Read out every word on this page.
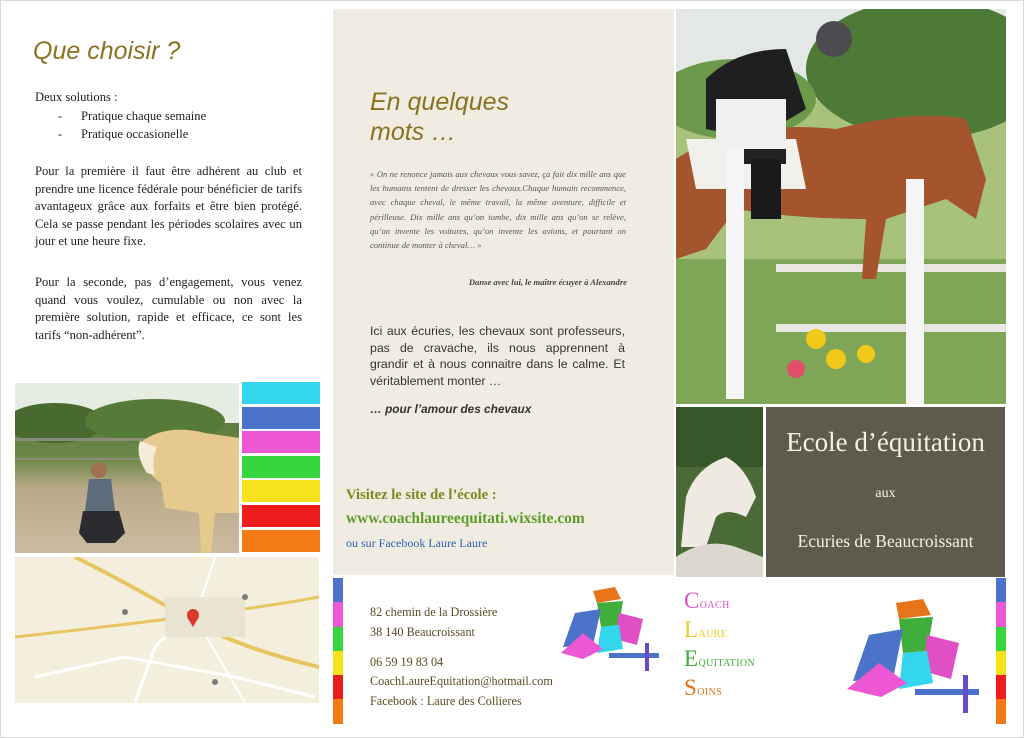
Que choisir ?
Deux solutions :
- Pratique chaque semaine
- Pratique occasionelle
Pour la première il faut être adhérent au club et prendre une licence fédérale pour bénéficier de tarifs avantageux grâce aux forfaits et être bien protégé. Cela se passe pendant les périodes scolaires avec un jour et une heure fixe.
Pour la seconde, pas d’engagement, vous venez quand vous voulez, cumulable ou non avec la première solution, rapide et efficace, ce sont les tarifs “non-adhérent”.
En quelques mots …
« On ne renonce jamais aux chevaux vous savez, ça fait dix mille ans que les humains tentent de dresser les chevaux.Chaque humain recommence, avec chaque cheval, le même travail, la même aventure, difficile et périlleuse. Dix mille ans qu’on tombe, dix mille ans qu’on se relève, qu’on invente les voitures, qu’on invente les avions, et pourtant on continue de monter à cheval… »
Danse avec lui, le maître écuyer à Alexandre
Ici aux écuries, les chevaux sont professeurs, pas de cravache, ils nous apprennent à grandir et à nous connaitre dans le calme. Et véritablement monter …
… pour l’amour des chevaux
Visitez le site de l’école :
www.coachlaureequitati.wixsite.com
ou sur Facebook Laure Laure
82 chemin de la Drossière
38 140 Beaucroissant
06 59 19 83 04
CoachLaureEquitation@hotmail.com
Facebook : Laure des Collieres
Ecole d’équitation
aux
Ecuries de Beaucroissant
Coach
Laure
Equitation
Soins
